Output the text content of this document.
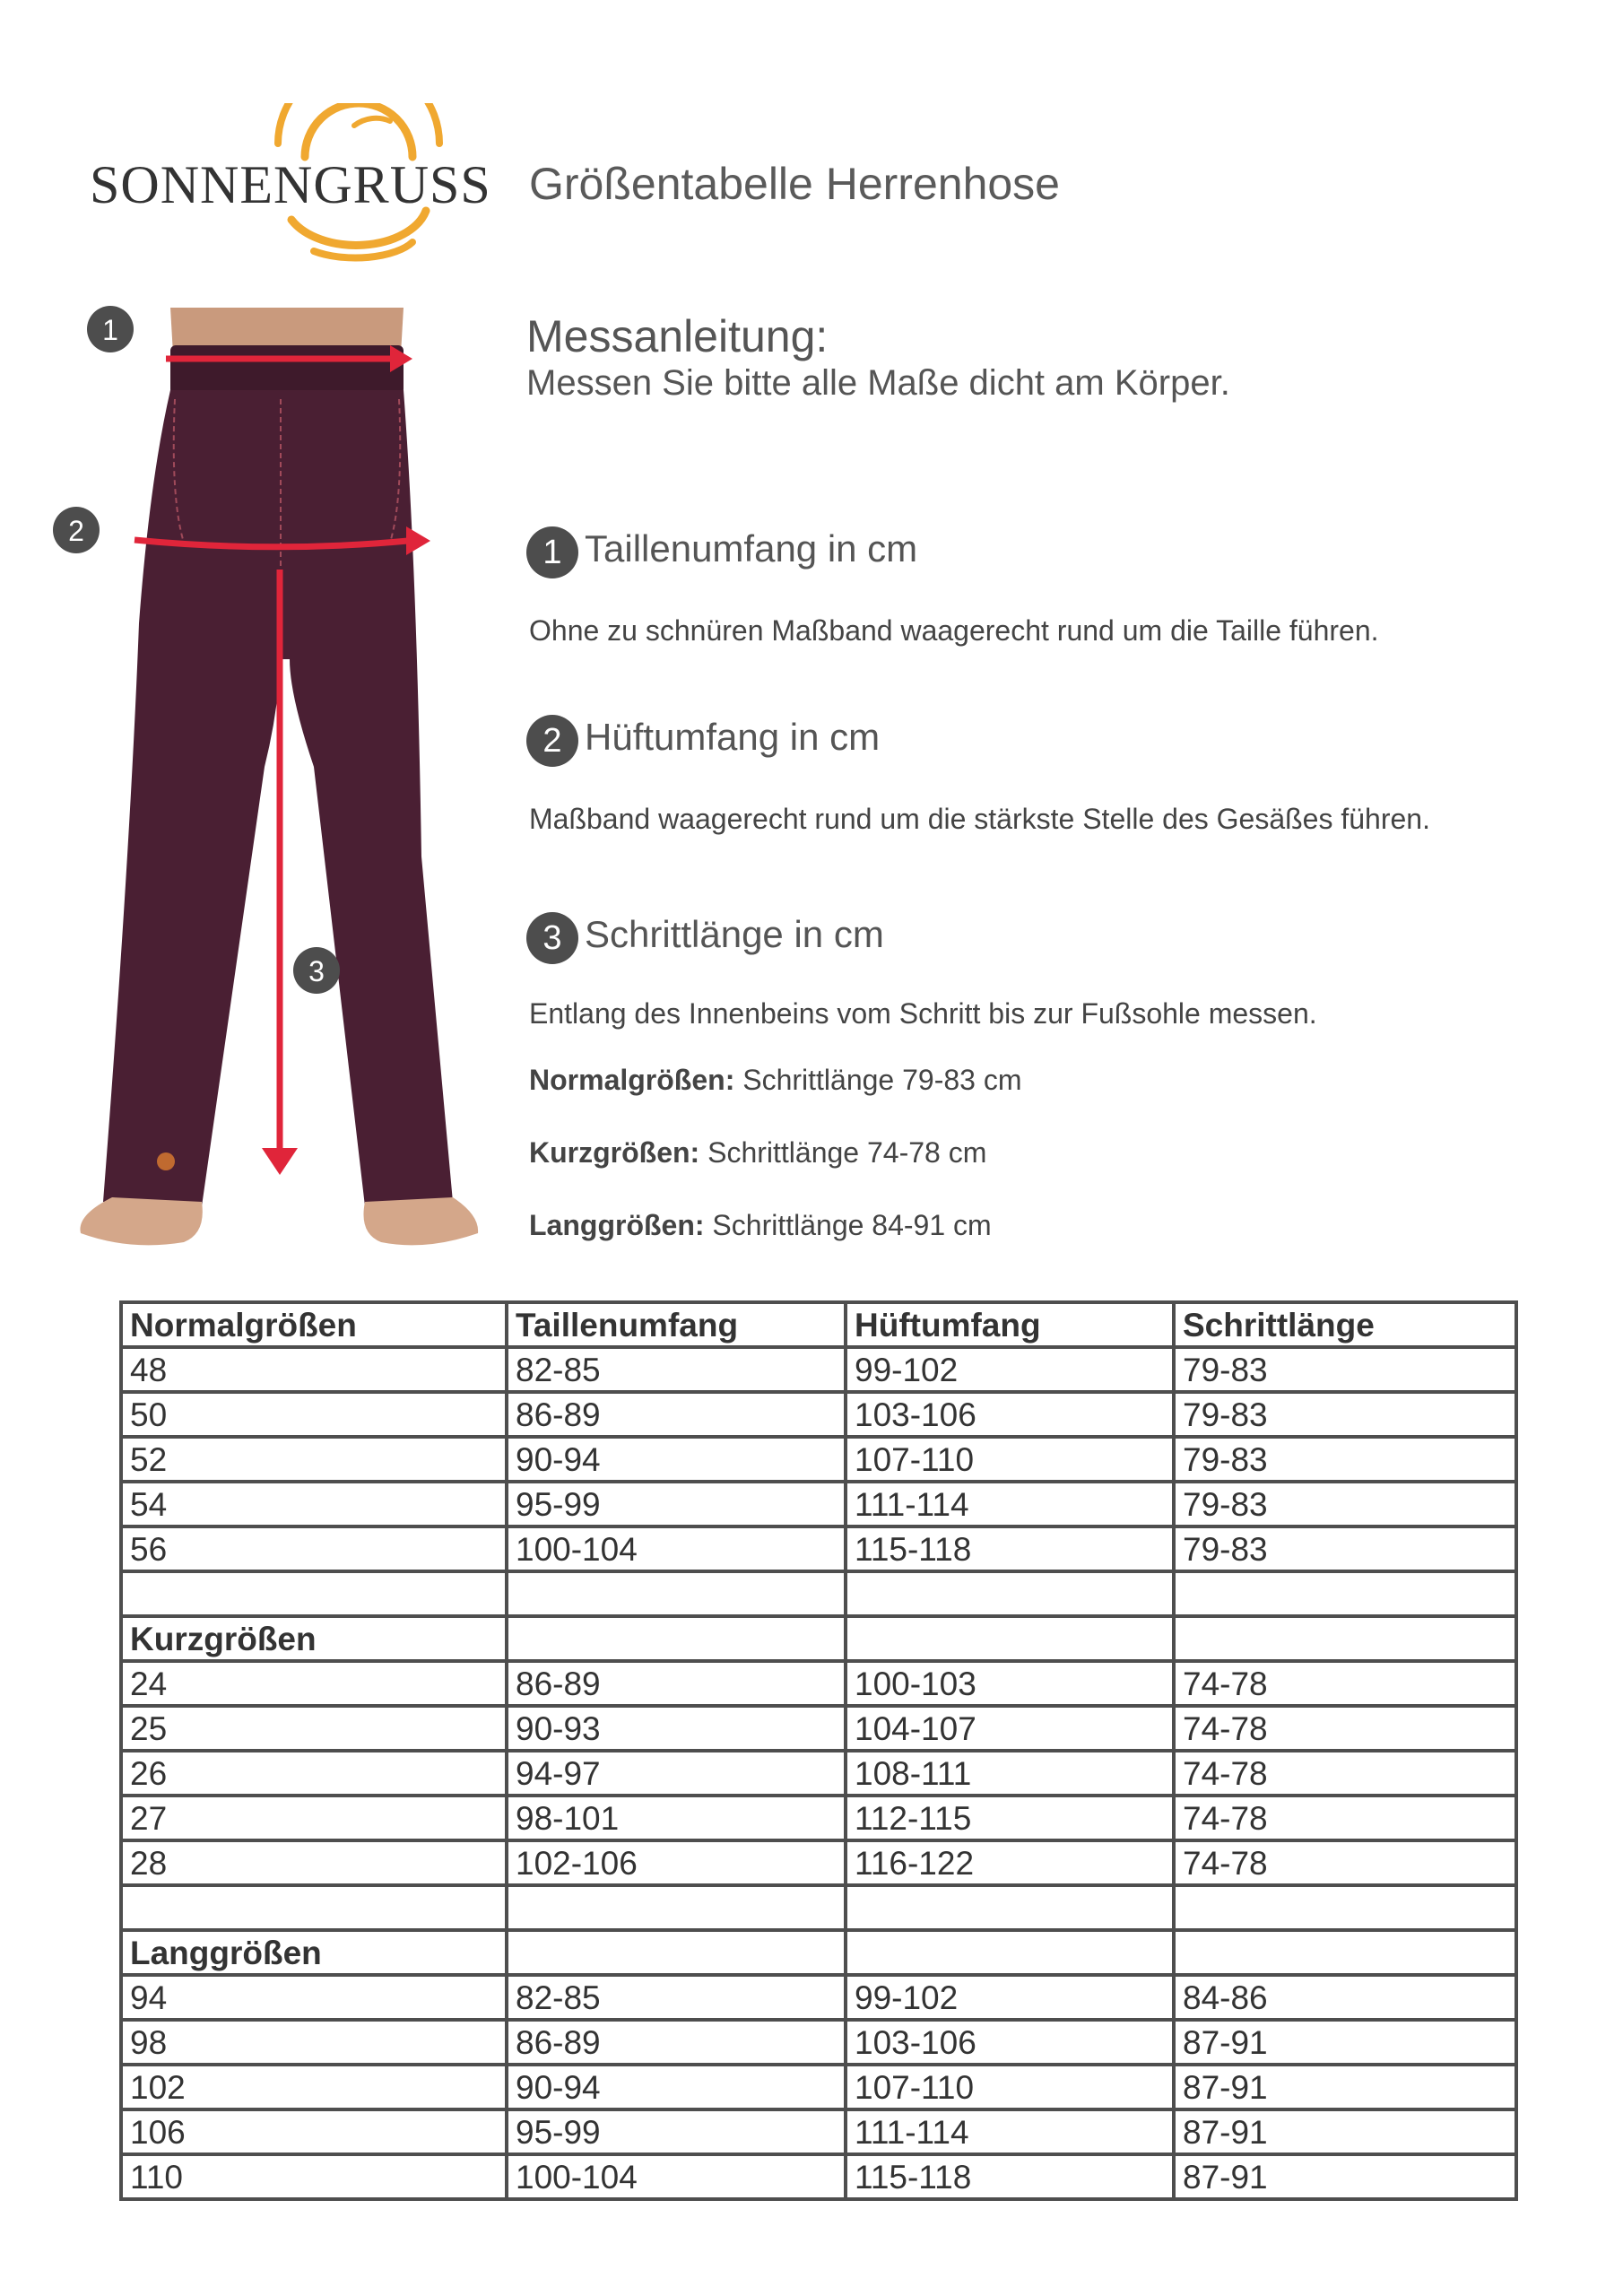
SONNENGRUSS Größentabelle Herrenhose
1
2
3
Messanleitung:
Messen Sie bitte alle Maße dicht am Körper.
1 Taillenumfang in cm
Ohne zu schnüren Maßband waagerecht rund um die Taille führen.
2 Hüftumfang in cm
Maßband waagerecht rund um die stärkste Stelle des Gesäßes führen.
3 Schrittlänge in cm
Entlang des Innenbeins vom Schritt bis zur Fußsohle messen.
Normalgrößen: Schrittlänge 79-83 cm
Kurzgrößen: Schrittlänge 74-78 cm
Langgrößen: Schrittlänge 84-91 cm
Normalgrößen	Taillenumfang	Hüftumfang	Schrittlänge
48	82-85	99-102	79-83
50	86-89	103-106	79-83
52	90-94	107-110	79-83
54	95-99	111-114	79-83
56	100-104	115-118	79-83

Kurzgrößen			
24	86-89	100-103	74-78
25	90-93	104-107	74-78
26	94-97	108-111	74-78
27	98-101	112-115	74-78
28	102-106	116-122	74-78

Langgrößen			
94	82-85	99-102	84-86
98	86-89	103-106	87-91
102	90-94	107-110	87-91
106	95-99	111-114	87-91
110	100-104	115-118	87-91
